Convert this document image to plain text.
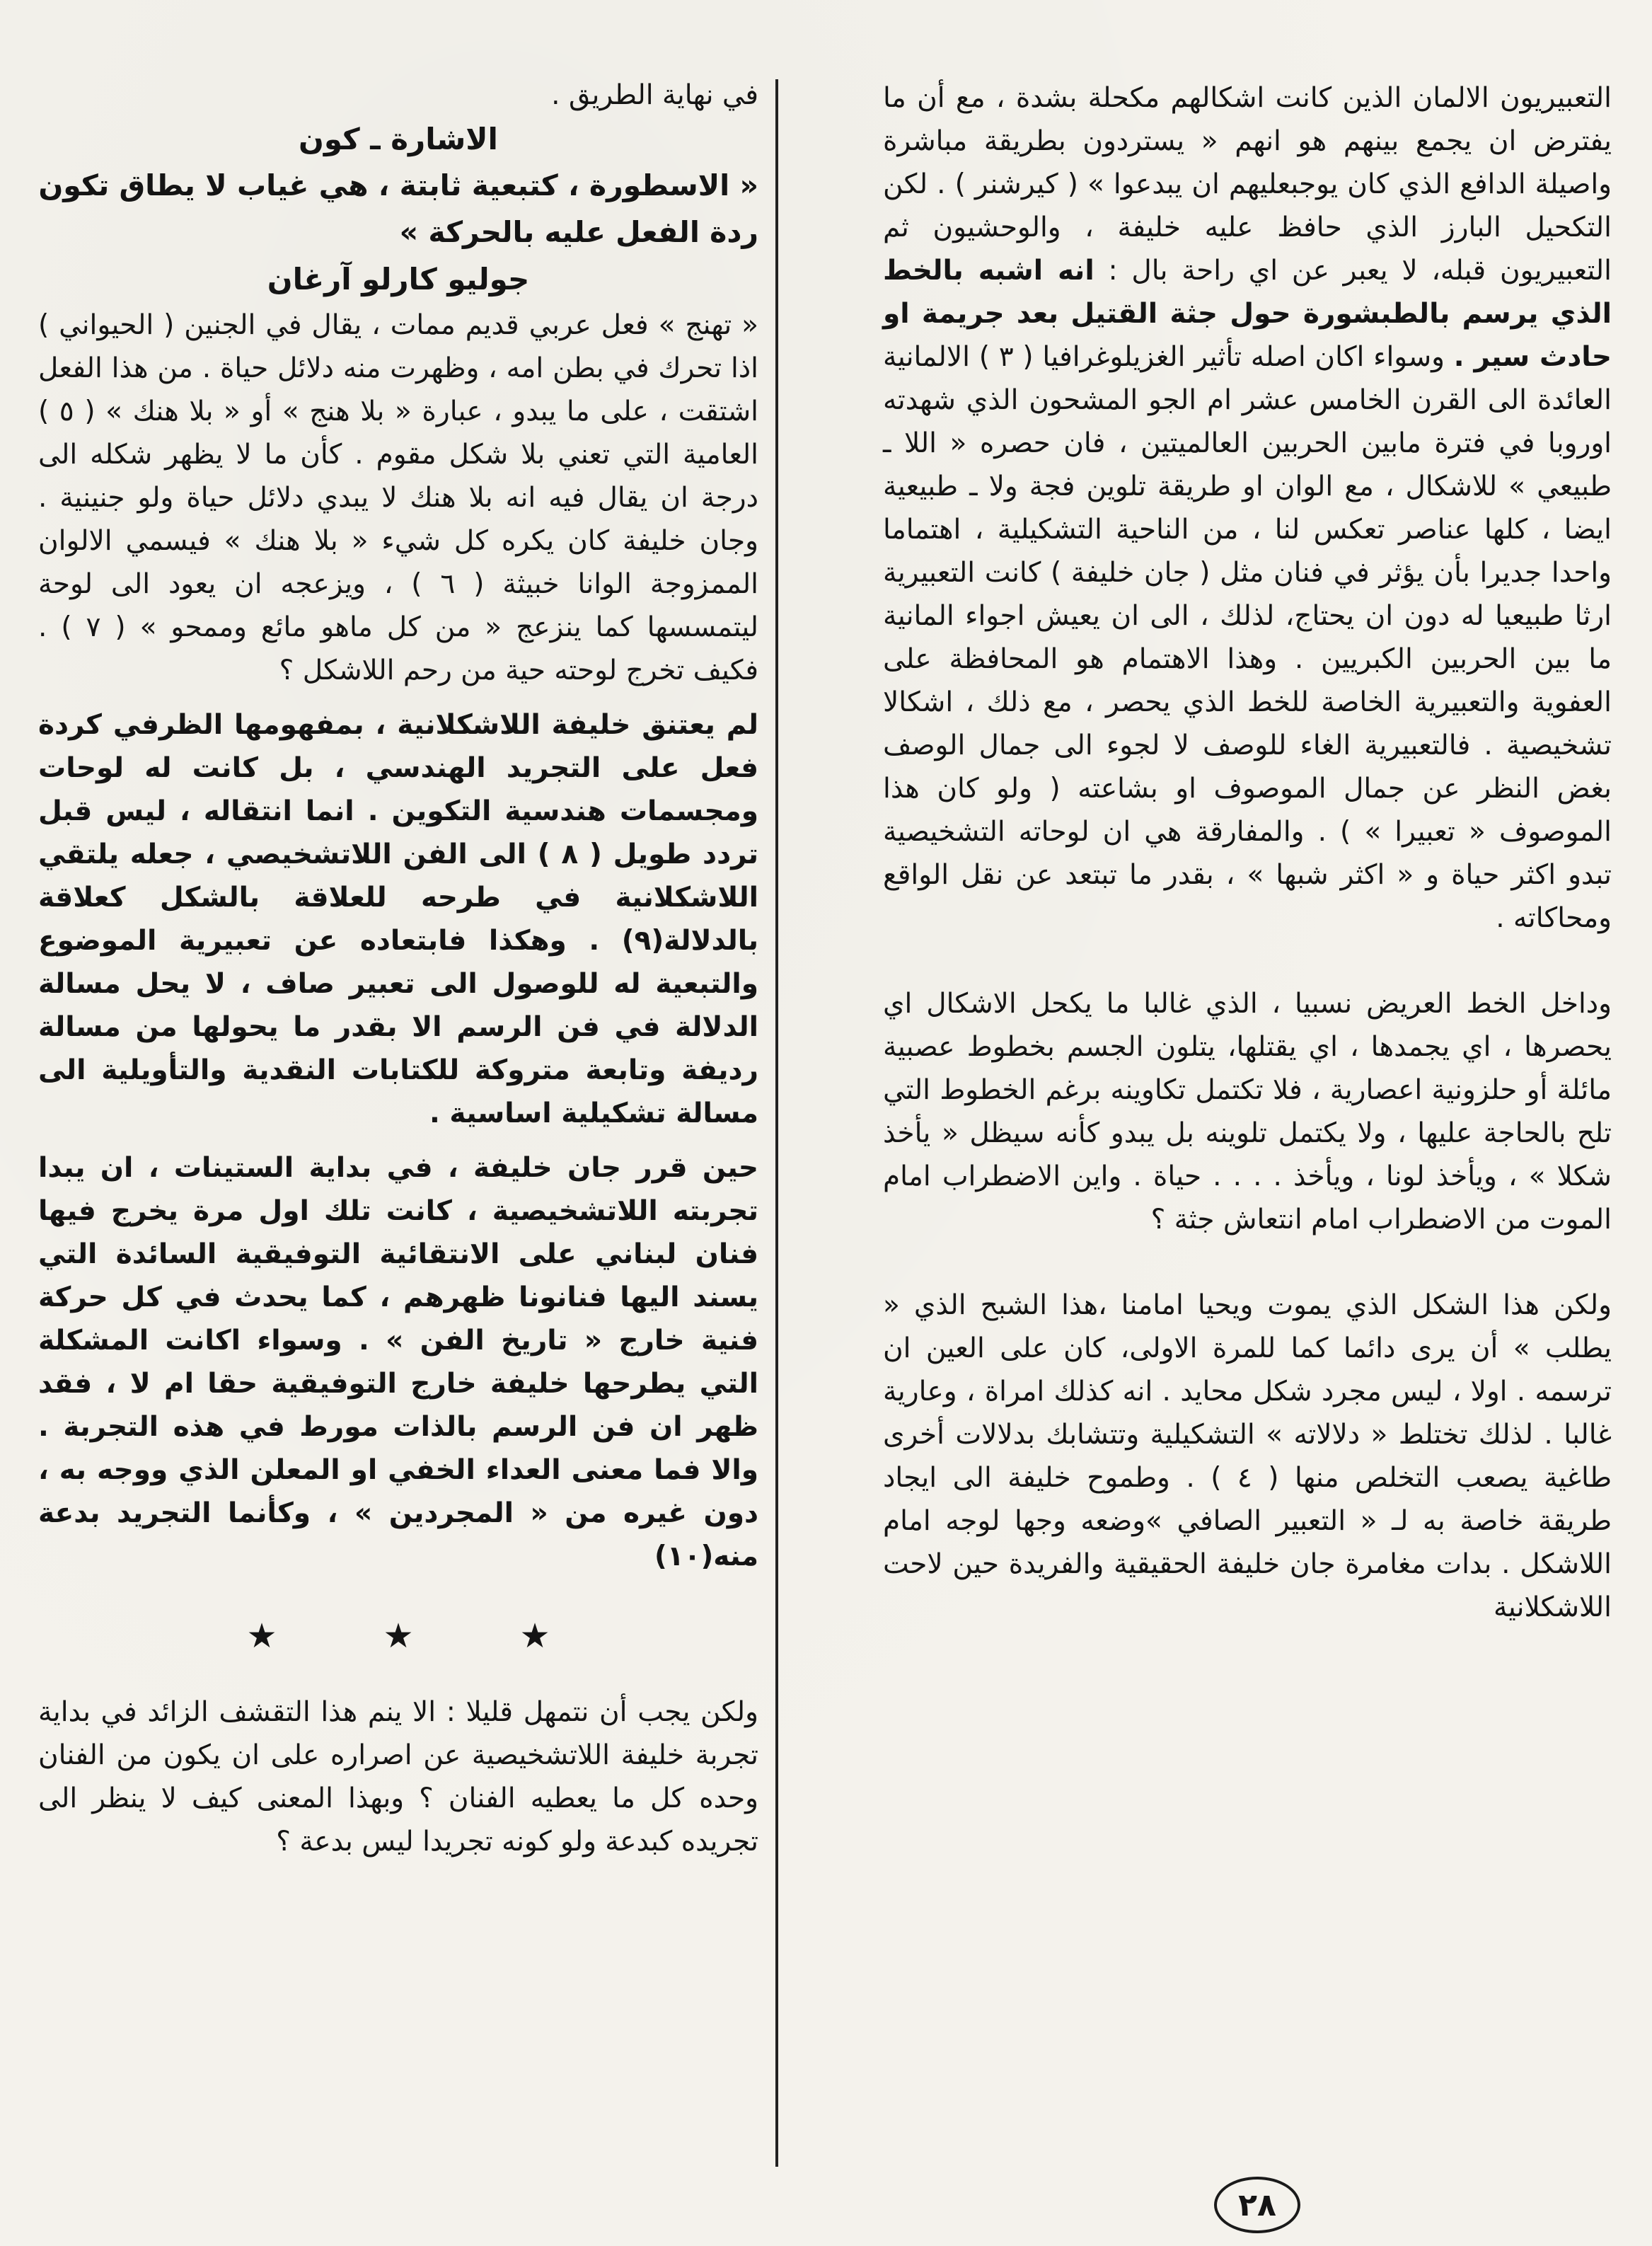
التعبيريون الالمان الذين كانت اشكالهم مكحلة بشدة ، مع أن ما يفترض ان يجمع بينهم هو انهم « يستردون بطريقة مباشرة واصيلة الدافع الذي كان يوجبعليهم ان يبدعوا » ( كيرشنر ) . لكن التكحيل البارز الذي حافظ عليه خليفة ، والوحشيون ثم التعبيريون قبله، لا يعبر عن اي راحة بال : انه اشبه بالخط الذي يرسم بالطبشورة حول جثة القتيل بعد جريمة او حادث سير . وسواء اكان اصله تأثير الغزيلوغرافيا ( ٣ ) الالمانية العائدة الى القرن الخامس عشر ام الجو المشحون الذي شهدته اوروبا في فترة مابين الحربين العالميتين ، فان حصره « اللا ـ طبيعي » للاشكال ، مع الوان او طريقة تلوين فجة ولا ـ طبيعية ايضا ، كلها عناصر تعكس لنا ، من الناحية التشكيلية ، اهتماما واحدا جديرا بأن يؤثر في فنان مثل ( جان خليفة ) كانت التعبيرية ارثا طبيعيا له دون ان يحتاج، لذلك ، الى ان يعيش اجواء المانية ما بين الحربين الكبريين . وهذا الاهتمام هو المحافظة على العفوية والتعبيرية الخاصة للخط الذي يحصر ، مع ذلك ، اشكالا تشخيصية . فالتعبيرية الغاء للوصف لا لجوء الى جمال الوصف بغض النظر عن جمال الموصوف او بشاعته ( ولو كان هذا الموصوف « تعبيرا » ) . والمفارقة هي ان لوحاته التشخيصية تبدو اكثر حياة و « اكثر شبها » ، بقدر ما تبتعد عن نقل الواقع ومحاكاته .

وداخل الخط العريض نسبيا ، الذي غالبا ما يكحل الاشكال اي يحصرها ، اي يجمدها ، اي يقتلها، يتلون الجسم بخطوط عصبية مائلة أو حلزونية اعصارية ، فلا تكتمل تكاوينه برغم الخطوط التي تلح بالحاجة عليها ، ولا يكتمل تلوينه بل يبدو كأنه سيظل « يأخذ شكلا » ، ويأخذ لونا ، ويأخذ . . . . حياة . واين الاضطراب امام الموت من الاضطراب امام انتعاش جثة ؟

ولكن هذا الشكل الذي يموت ويحيا امامنا ،هذا الشبح الذي « يطلب » أن يرى دائما كما للمرة الاولى، كان على العين ان ترسمه . اولا ، ليس مجرد شكل محايد . انه كذلك امراة ، وعارية غالبا . لذلك تختلط « دلالاته » التشكيلية وتتشابك بدلالات أخرى طاغية يصعب التخلص منها ( ٤ ) . وطموح خليفة الى ايجاد طريقة خاصة به لـ « التعبير الصافي »وضعه وجها لوجه امام اللاشكل . بدات مغامرة جان خليفة الحقيقية والفريدة حين لاحت اللاشكلانية

في نهاية الطريق .

الاشارة ـ كون

« الاسطورة ، كتبعية ثابتة ، هي غياب لا يطاق تكون ردة الفعل عليه بالحركة »

جوليو كارلو آرغان

« تهنج » فعل عربي قديم ممات ، يقال في الجنين ( الحيواني ) اذا تحرك في بطن امه ، وظهرت منه دلائل حياة . من هذا الفعل اشتقت ، على ما يبدو ، عبارة « بلا هنج » أو « بلا هنك » ( ٥ ) العامية التي تعني بلا شكل مقوم . كأن ما لا يظهر شكله الى درجة ان يقال فيه انه بلا هنك لا يبدي دلائل حياة ولو جنينية . وجان خليفة كان يكره كل شيء « بلا هنك » فيسمي الالوان الممزوجة الوانا خبيثة ( ٦ ) ، ويزعجه ان يعود الى لوحة ليتمسسها كما ينزعج « من كل ماهو مائع وممحو » ( ٧ ) . فكيف تخرج لوحته حية من رحم اللاشكل ؟

لم يعتنق خليفة اللاشكلانية ، بمفهومها الظرفي كردة فعل على التجريد الهندسي ، بل كانت له لوحات ومجسمات هندسية التكوين . انما انتقاله ، ليس قبل تردد طويل ( ٨ ) الى الفن اللاتشخيصي ، جعله يلتقي اللاشكلانية في طرحه للعلاقة بالشكل كعلاقة بالدلالة(٩) . وهكذا فابتعاده عن تعبيرية الموضوع والتبعية له للوصول الى تعبير صاف ، لا يحل مسالة الدلالة في فن الرسم الا بقدر ما يحولها من مسالة رديفة وتابعة متروكة للكتابات النقدية والتأويلية الى مسالة تشكيلية اساسية .

حين قرر جان خليفة ، في بداية الستينات ، ان يبدا تجربته اللاتشخيصية ، كانت تلك اول مرة يخرج فيها فنان لبناني على الانتقائية التوفيقية السائدة التي يسند اليها فنانونا ظهرهم ، كما يحدث في كل حركة فنية خارج « تاريخ الفن » . وسواء اكانت المشكلة التي يطرحها خليفة خارج التوفيقية حقا ام لا ، فقد ظهر ان فن الرسم بالذات مورط في هذه التجربة . والا فما معنى العداء الخفي او المعلن الذي ووجه به ، دون غيره من « المجردين » ، وكأنما التجريد بدعة منه(١٠)

★
★
★

ولكن يجب أن نتمهل قليلا : الا ينم هذا التقشف الزائد في بداية تجربة خليفة اللاتشخيصية عن اصراره على ان يكون من الفنان وحده كل ما يعطيه الفنان ؟ وبهذا المعنى كيف لا ينظر الى تجريده كبدعة ولو كونه تجريدا ليس بدعة ؟

٢٨
